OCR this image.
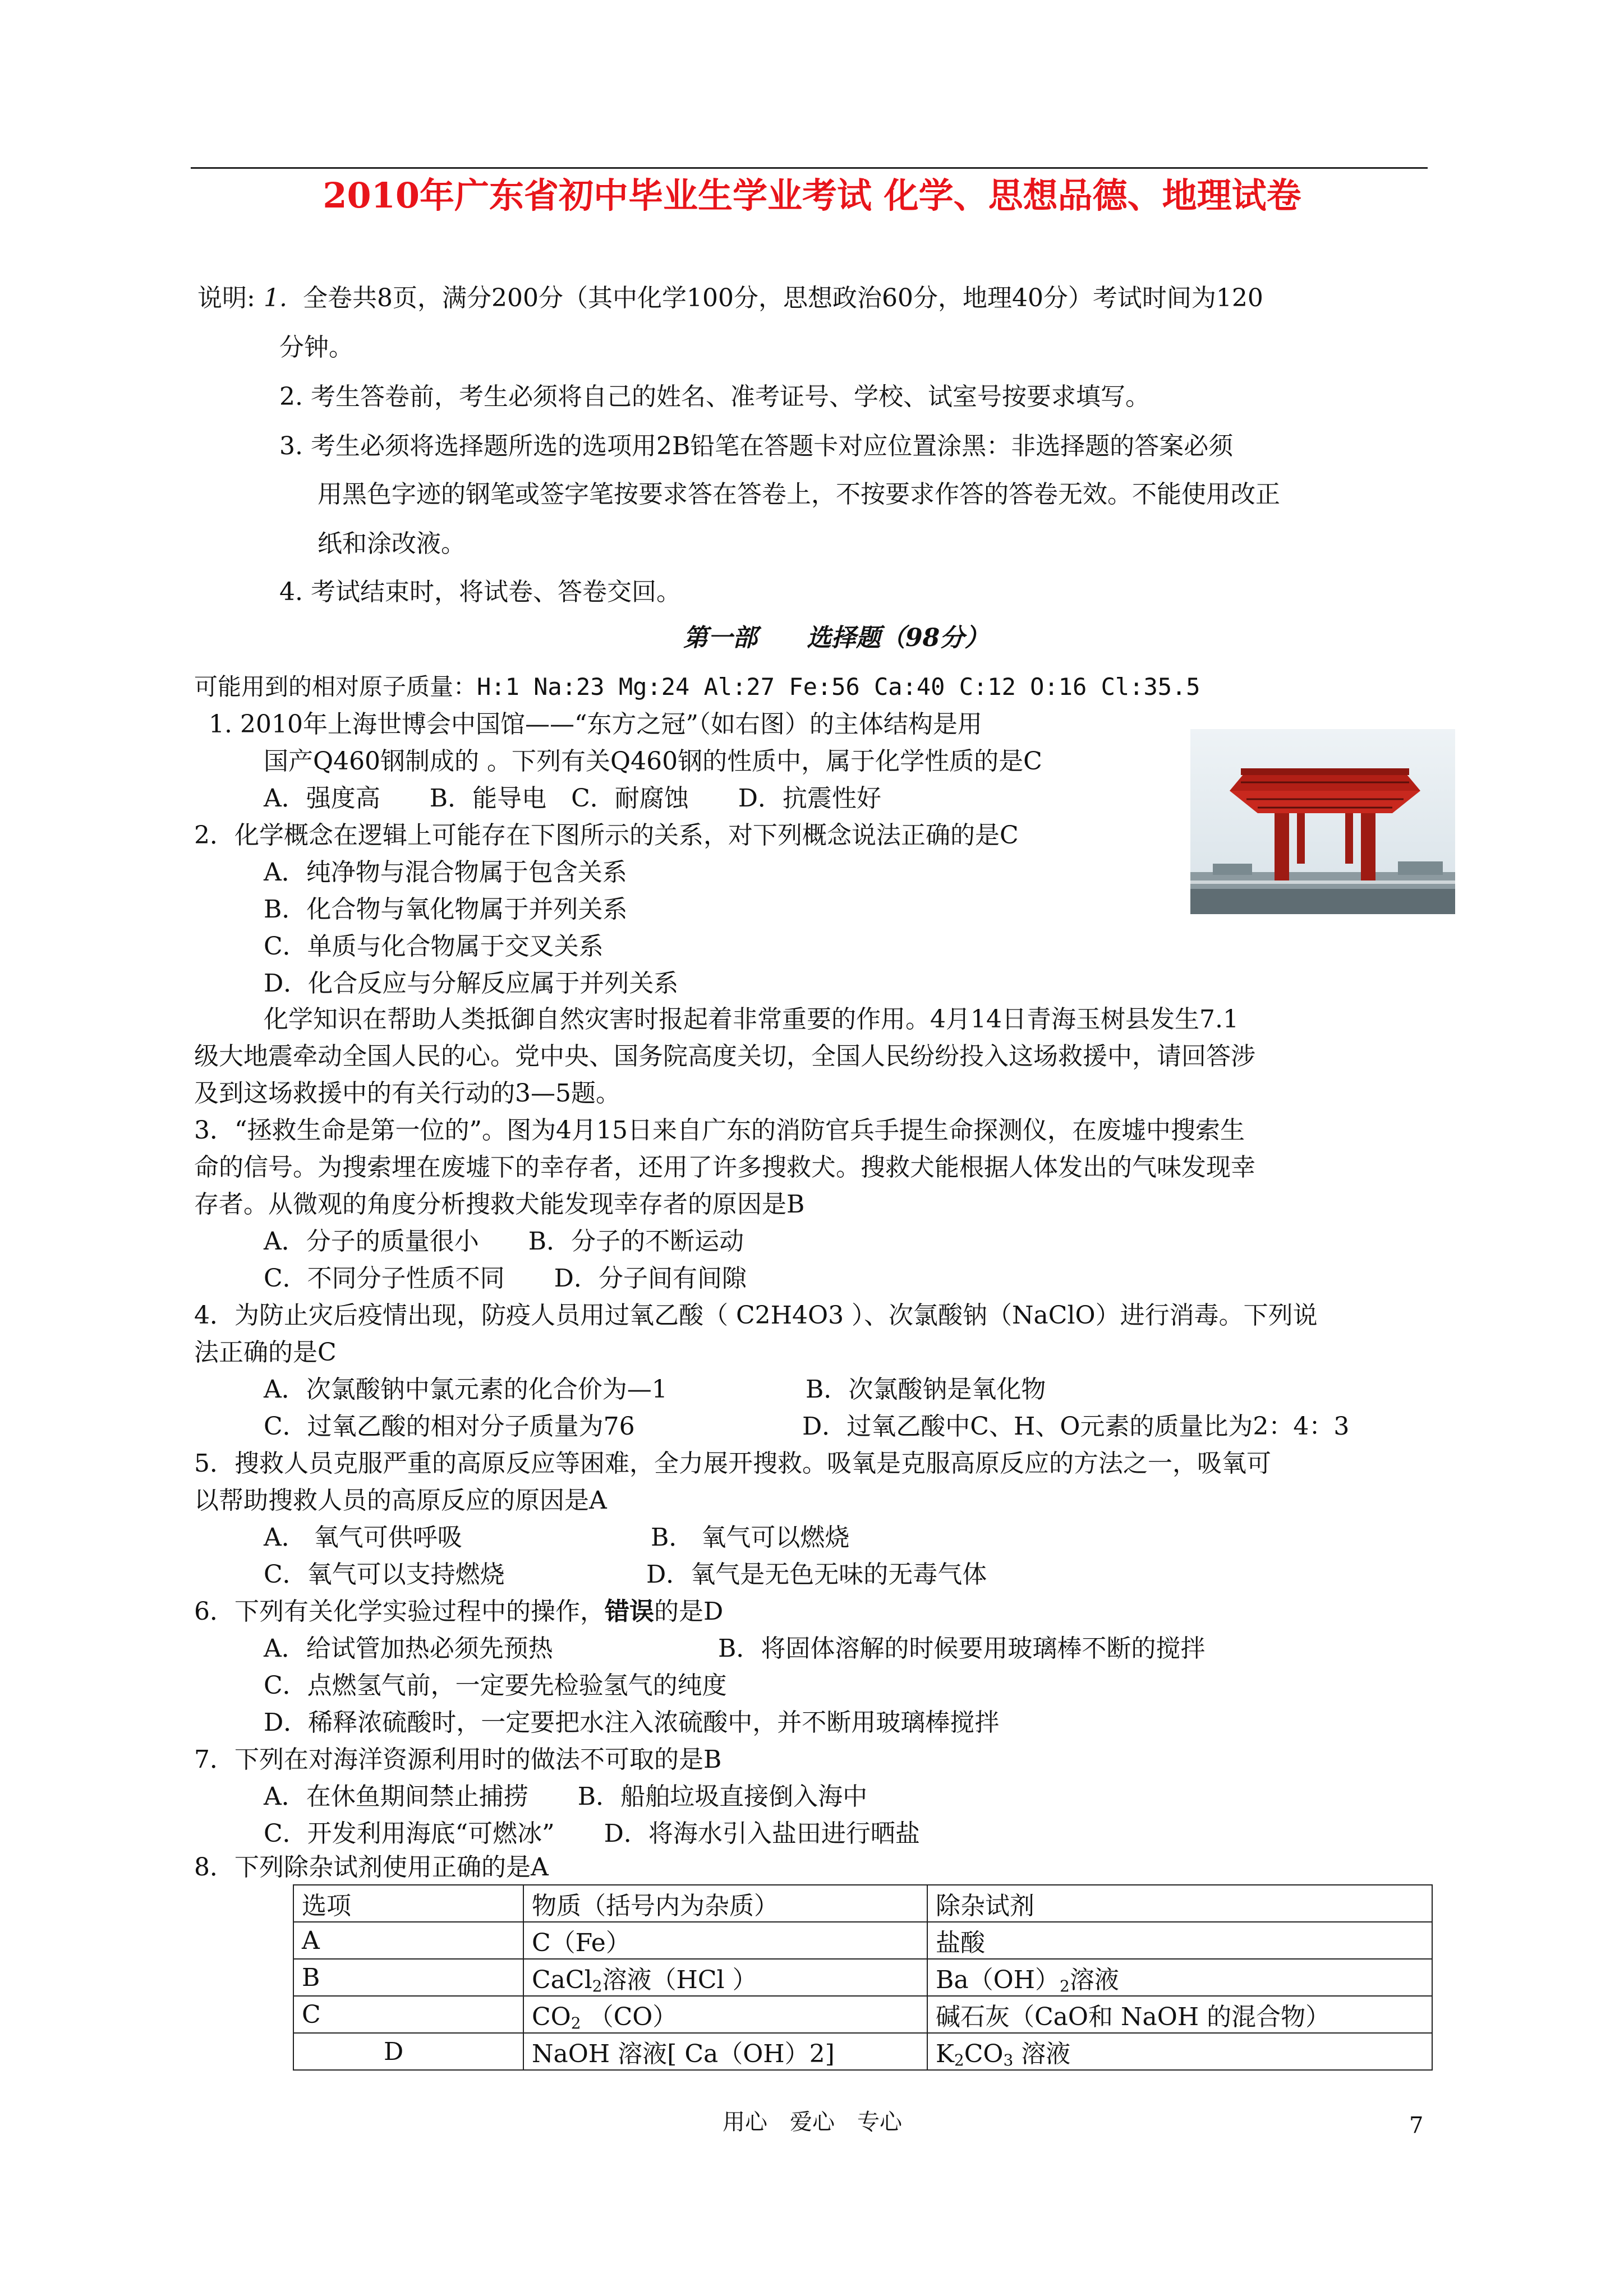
2010年广东省初中毕业生学业考试 化学、思想品德、地理试卷
说明: 1. 全卷共8页，满分200分（其中化学100分，思想政治60分，地理40分）考试时间为120
分钟。
2. 考生答卷前，考生必须将自己的姓名、准考证号、学校、试室号按要求填写。
3. 考生必须将选择题所选的选项用2B铅笔在答题卡对应位置涂黑：非选择题的答案必须
用黑色字迹的钢笔或签字笔按要求答在答卷上，不按要求作答的答卷无效。不能使用改正
纸和涂改液。
4. 考试结束时，将试卷、答卷交回。
第一部　　选择题（98分）
可能用到的相对原子质量：H:1 Na:23 Mg:24 Al:27 Fe:56 Ca:40 C:12 O:16 Cl:35.5
1. 2010年上海世博会中国馆——“东方之冠”（如右图）的主体结构是用
国产Q460钢制成的 。下列有关Q460钢的性质中，属于化学性质的是C
A．强度高　　B．能导电　C．耐腐蚀　　D．抗震性好
2．化学概念在逻辑上可能存在下图所示的关系，对下列概念说法正确的是C
A．纯净物与混合物属于包含关系
B．化合物与氧化物属于并列关系
C．单质与化合物属于交叉关系
D．化合反应与分解反应属于并列关系
化学知识在帮助人类抵御自然灾害时报起着非常重要的作用。4月14日青海玉树县发生7.1
级大地震牵动全国人民的心。党中央、国务院高度关切，全国人民纷纷投入这场救援中，请回答涉
及到这场救援中的有关行动的3—5题。
3．“拯救生命是第一位的”。图为4月15日来自广东的消防官兵手提生命探测仪，在废墟中搜索生
命的信号。为搜索埋在废墟下的幸存者，还用了许多搜救犬。搜救犬能根据人体发出的气味发现幸
存者。从微观的角度分析搜救犬能发现幸存者的原因是B
A．分子的质量很小　　B．分子的不断运动
C．不同分子性质不同　　D．分子间有间隙
4．为防止灾后疫情出现，防疫人员用过氧乙酸（ C2H4O3 ）、次氯酸钠（NaClO）进行消毒。下列说
法正确的是C
A．次氯酸钠中氯元素的化合价为—1	B．次氯酸钠是氧化物
C．过氧乙酸的相对分子质量为76	D．过氧乙酸中C、H、O元素的质量比为2：4：3
5．搜救人员克服严重的高原反应等困难，全力展开搜救。吸氧是克服高原反应的方法之一，吸氧可
以帮助搜救人员的高原反应的原因是A
A． 氧气可供呼吸	B． 氧气可以燃烧
C．氧气可以支持燃烧	D．氧气是无色无味的无毒气体
6．下列有关化学实验过程中的操作，错误的是D
A．给试管加热必须先预热	B．将固体溶解的时候要用玻璃棒不断的搅拌
C．点燃氢气前，一定要先检验氢气的纯度
D．稀释浓硫酸时，一定要把水注入浓硫酸中，并不断用玻璃棒搅拌
7．下列在对海洋资源利用时的做法不可取的是B
A．在休鱼期间禁止捕捞　　B．船舶垃圾直接倒入海中
C．开发利用海底“可燃冰”　　D．将海水引入盐田进行晒盐
8．下列除杂试剂使用正确的是A
选项	物质（括号内为杂质）	除杂试剂
A	C（Fe）	盐酸
B	CaCl$_2$溶液（HCl ）	$Ba(OH)_2$溶液
C	$CO_2$ （CO）	碱石灰（CaO和 NaOH 的混合物）
D	NaOH 溶液[ Ca（OH）2]	$K_2CO_3$ 溶液
用心　爱心　专心	7
